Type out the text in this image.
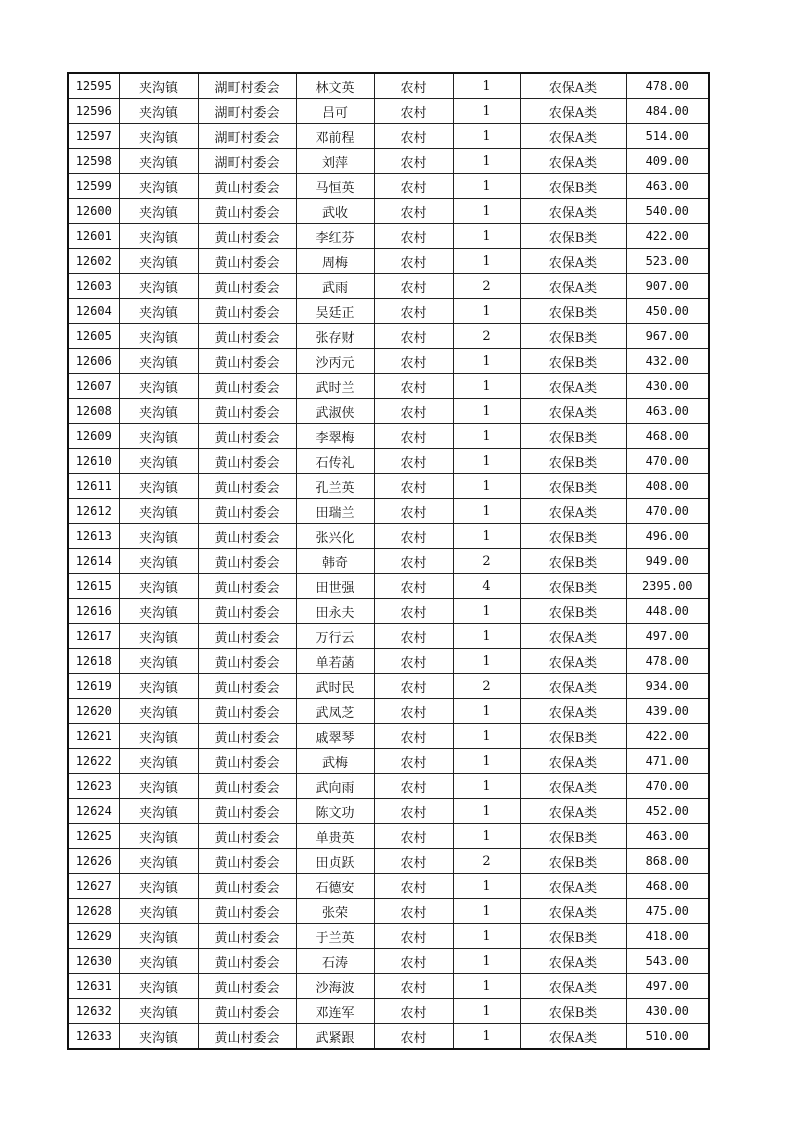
12595	夹沟镇	湖町村委会	林文英	农村	1	农保A类	478.00
12596	夹沟镇	湖町村委会	吕可	农村	1	农保A类	484.00
12597	夹沟镇	湖町村委会	邓前程	农村	1	农保A类	514.00
12598	夹沟镇	湖町村委会	刘萍	农村	1	农保A类	409.00
12599	夹沟镇	黄山村委会	马恒英	农村	1	农保B类	463.00
12600	夹沟镇	黄山村委会	武收	农村	1	农保A类	540.00
12601	夹沟镇	黄山村委会	李红芬	农村	1	农保B类	422.00
12602	夹沟镇	黄山村委会	周梅	农村	1	农保A类	523.00
12603	夹沟镇	黄山村委会	武雨	农村	2	农保A类	907.00
12604	夹沟镇	黄山村委会	吴廷正	农村	1	农保B类	450.00
12605	夹沟镇	黄山村委会	张存财	农村	2	农保B类	967.00
12606	夹沟镇	黄山村委会	沙丙元	农村	1	农保B类	432.00
12607	夹沟镇	黄山村委会	武时兰	农村	1	农保A类	430.00
12608	夹沟镇	黄山村委会	武淑侠	农村	1	农保A类	463.00
12609	夹沟镇	黄山村委会	李翠梅	农村	1	农保B类	468.00
12610	夹沟镇	黄山村委会	石传礼	农村	1	农保B类	470.00
12611	夹沟镇	黄山村委会	孔兰英	农村	1	农保B类	408.00
12612	夹沟镇	黄山村委会	田瑞兰	农村	1	农保A类	470.00
12613	夹沟镇	黄山村委会	张兴化	农村	1	农保B类	496.00
12614	夹沟镇	黄山村委会	韩奇	农村	2	农保B类	949.00
12615	夹沟镇	黄山村委会	田世强	农村	4	农保B类	2395.00
12616	夹沟镇	黄山村委会	田永夫	农村	1	农保B类	448.00
12617	夹沟镇	黄山村委会	万行云	农村	1	农保A类	497.00
12618	夹沟镇	黄山村委会	单若菡	农村	1	农保A类	478.00
12619	夹沟镇	黄山村委会	武时民	农村	2	农保A类	934.00
12620	夹沟镇	黄山村委会	武凤芝	农村	1	农保A类	439.00
12621	夹沟镇	黄山村委会	戚翠琴	农村	1	农保B类	422.00
12622	夹沟镇	黄山村委会	武梅	农村	1	农保A类	471.00
12623	夹沟镇	黄山村委会	武向雨	农村	1	农保A类	470.00
12624	夹沟镇	黄山村委会	陈文功	农村	1	农保A类	452.00
12625	夹沟镇	黄山村委会	单贵英	农村	1	农保B类	463.00
12626	夹沟镇	黄山村委会	田贞跃	农村	2	农保B类	868.00
12627	夹沟镇	黄山村委会	石德安	农村	1	农保A类	468.00
12628	夹沟镇	黄山村委会	张荣	农村	1	农保A类	475.00
12629	夹沟镇	黄山村委会	于兰英	农村	1	农保B类	418.00
12630	夹沟镇	黄山村委会	石涛	农村	1	农保A类	543.00
12631	夹沟镇	黄山村委会	沙海波	农村	1	农保A类	497.00
12632	夹沟镇	黄山村委会	邓连军	农村	1	农保B类	430.00
12633	夹沟镇	黄山村委会	武紧跟	农村	1	农保A类	510.00
